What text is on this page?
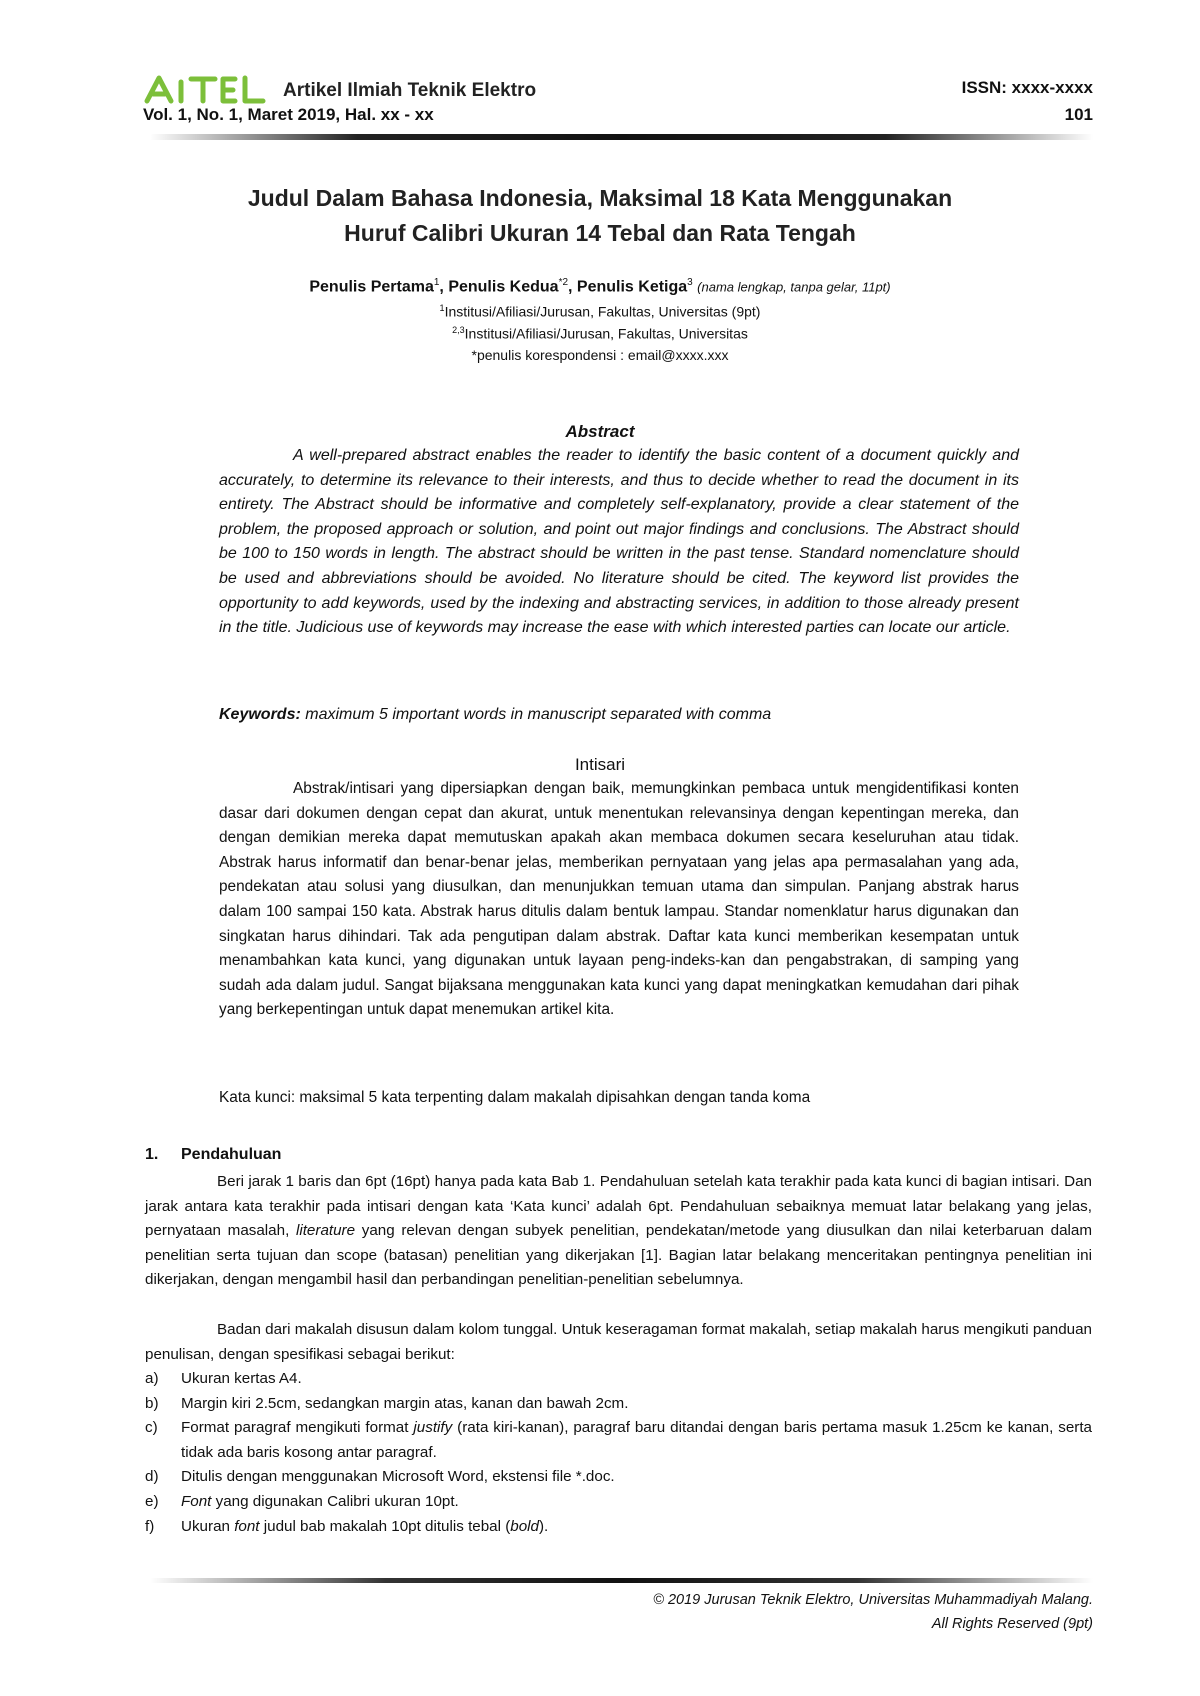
Artikel Ilmiah Teknik Elektro	ISSN: xxxx-xxxx
Vol. 1, No. 1, Maret 2019, Hal. xx - xx	101
Judul Dalam Bahasa Indonesia, Maksimal 18 Kata Menggunakan
Huruf Calibri Ukuran 14 Tebal dan Rata Tengah
Penulis Pertama$^1$, Penulis Kedua$^{*2}$, Penulis Ketiga$^3$ (nama lengkap, tanpa gelar, 11pt)
$^1$Institusi/Afiliasi/Jurusan, Fakultas, Universitas (9pt)
$^{2,3}$Institusi/Afiliasi/Jurusan, Fakultas, Universitas
*penulis korespondensi : email@xxxx.xxx
Abstract

A well-prepared abstract enables the reader to identify the basic content of a document quickly and accurately, to determine its relevance to their interests, and thus to decide whether to read the document in its entirety. The Abstract should be informative and completely self-explanatory, provide a clear statement of the problem, the proposed approach or solution, and point out major findings and conclusions. The Abstract should be 100 to 150 words in length. The abstract should be written in the past tense. Standard nomenclature should be used and abbreviations should be avoided. No literature should be cited. The keyword list provides the opportunity to add keywords, used by the indexing and abstracting services, in addition to those already present in the title. Judicious use of keywords may increase the ease with which interested parties can locate our article.

Keywords: maximum 5 important words in manuscript separated with comma
Intisari

Abstrak/intisari yang dipersiapkan dengan baik, memungkinkan pembaca untuk mengidentifikasi konten dasar dari dokumen dengan cepat dan akurat, untuk menentukan relevansinya dengan kepentingan mereka, dan dengan demikian mereka dapat memutuskan apakah akan membaca dokumen secara keseluruhan atau tidak. Abstrak harus informatif dan benar-benar jelas, memberikan pernyataan yang jelas apa permasalahan yang ada, pendekatan atau solusi yang diusulkan, dan menunjukkan temuan utama dan simpulan. Panjang abstrak harus dalam 100 sampai 150 kata. Abstrak harus ditulis dalam bentuk lampau. Standar nomenklatur harus digunakan dan singkatan harus dihindari. Tak ada pengutipan dalam abstrak. Daftar kata kunci memberikan kesempatan untuk menambahkan kata kunci, yang digunakan untuk layaan peng-indeks-kan dan pengabstrakan, di samping yang sudah ada dalam judul. Sangat bijaksana menggunakan kata kunci yang dapat meningkatkan kemudahan dari pihak yang berkepentingan untuk dapat menemukan artikel kita.

Kata kunci: maksimal 5 kata terpenting dalam makalah dipisahkan dengan tanda koma
1. Pendahuluan

Beri jarak 1 baris dan 6pt (16pt) hanya pada kata Bab 1. Pendahuluan setelah kata terakhir pada kata kunci di bagian intisari. Dan jarak antara kata terakhir pada intisari dengan kata ‘Kata kunci’ adalah 6pt. Pendahuluan sebaiknya memuat latar belakang yang jelas, pernyataan masalah, literature yang relevan dengan subyek penelitian, pendekatan/metode yang diusulkan dan nilai keterbaruan dalam penelitian serta tujuan dan scope (batasan) penelitian yang dikerjakan [1]. Bagian latar belakang menceritakan pentingnya penelitian ini dikerjakan, dengan mengambil hasil dan perbandingan penelitian-penelitian sebelumnya.

Badan dari makalah disusun dalam kolom tunggal. Untuk keseragaman format makalah, setiap makalah harus mengikuti panduan penulisan, dengan spesifikasi sebagai berikut:

a) Ukuran kertas A4.
b) Margin kiri 2.5cm, sedangkan margin atas, kanan dan bawah 2cm.
c) Format paragraf mengikuti format justify (rata kiri-kanan), paragraf baru ditandai dengan baris pertama masuk 1.25cm ke kanan, serta tidak ada baris kosong antar paragraf.
d) Ditulis dengan menggunakan Microsoft Word, ekstensi file *.doc.
e) Font yang digunakan Calibri ukuran 10pt.
f) Ukuran font judul bab makalah 10pt ditulis tebal (bold).
© 2019 Jurusan Teknik Elektro, Universitas Muhammadiyah Malang.
All Rights Reserved (9pt)
